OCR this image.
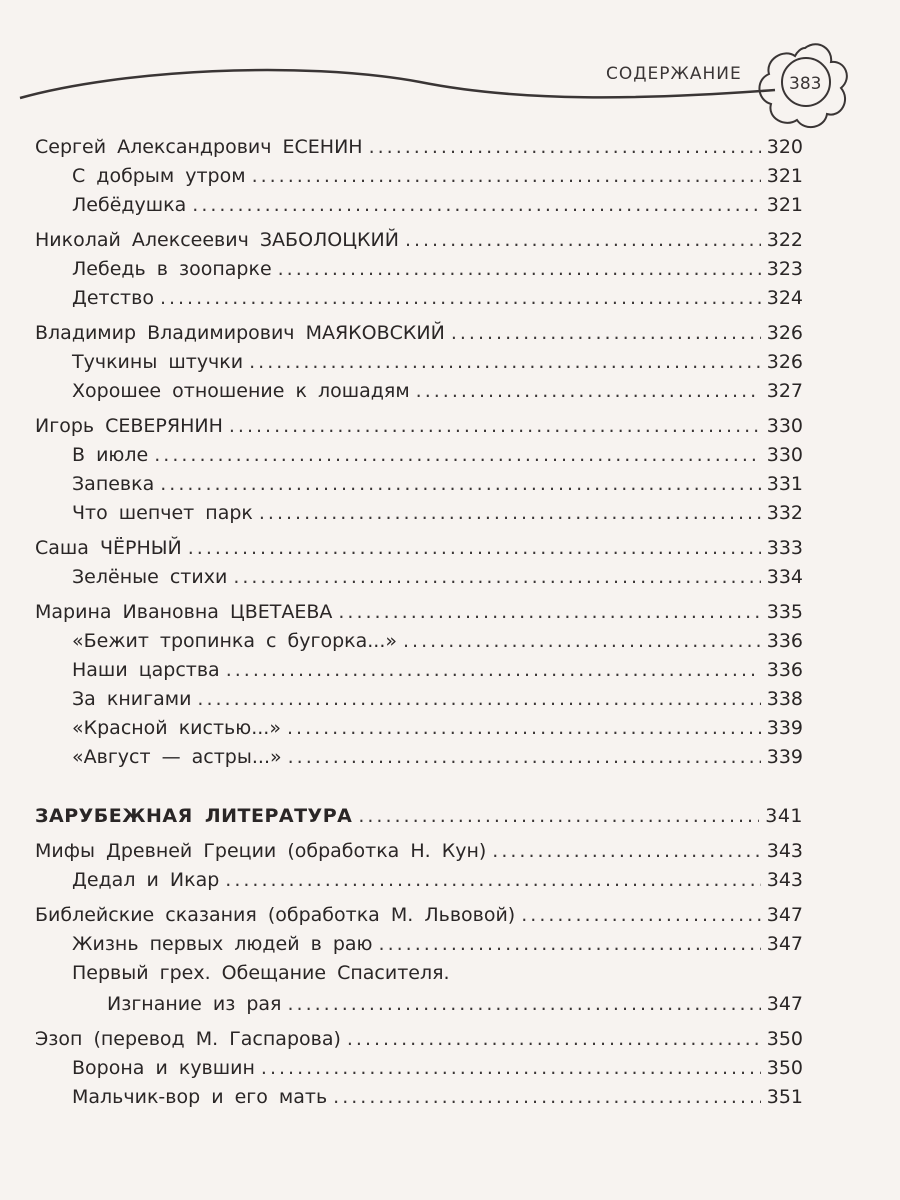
СОДЕРЖАНИЕ	383
Сергей Александрович ЕСЕНИН .....	320
С добрым утром .....	321
Лебёдушка .....	321
Николай Алексеевич ЗАБОЛОЦКИЙ .....	322
Лебедь в зоопарке .....	323
Детство .....	324
Владимир Владимирович МАЯКОВСКИЙ .....	326
Тучкины штучки .....	326
Хорошее отношение к лошадям .....	327
Игорь СЕВЕРЯНИН .....	330
В июле .....	330
Запевка .....	331
Что шепчет парк .....	332
Саша ЧЁРНЫЙ .....	333
Зелёные стихи .....	334
Марина Ивановна ЦВЕТАЕВА .....	335
«Бежит тропинка с бугорка...» .....	336
Наши царства .....	336
За книгами .....	338
«Красной кистью...» .....	339
«Август — астры...» .....	339
ЗАРУБЕЖНАЯ ЛИТЕРАТУРА .....	341
Мифы Древней Греции (обработка Н. Кун) .....	343
Дедал и Икар .....	343
Библейские сказания (обработка М. Львовой) .....	347
Жизнь первых людей в раю .....	347
Первый грех. Обещание Спасителя.
Изгнание из рая .....	347
Эзоп (перевод М. Гаспарова) .....	350
Ворона и кувшин .....	350
Мальчик-вор и его мать .....	351
